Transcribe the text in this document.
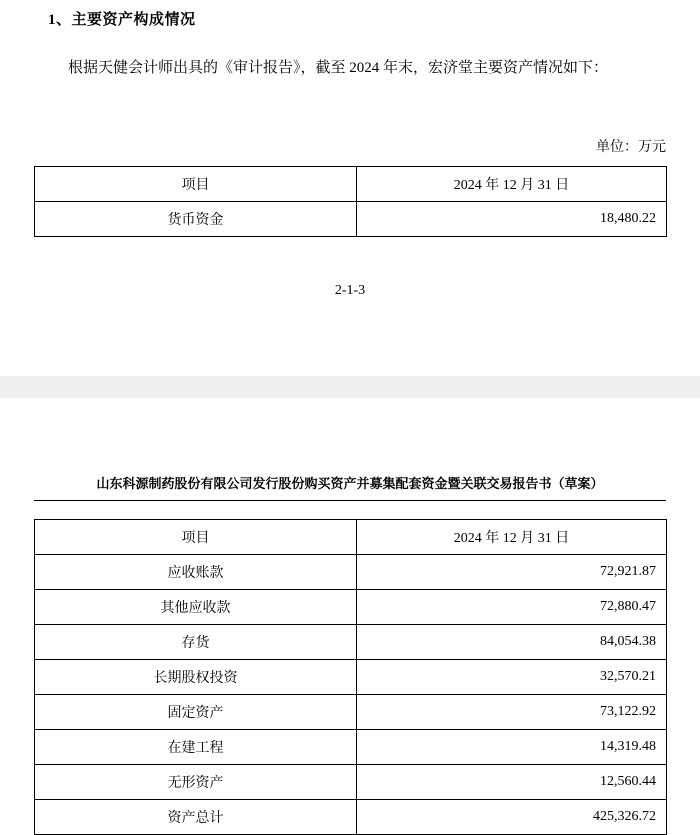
1、主要资产构成情况
根据天健会计师出具的《审计报告》，截至 2024 年末，宏济堂主要资产情况如下：
单位：万元
项目	2024 年 12 月 31 日
货币资金	18,480.22
2-1-3
山东科源制药股份有限公司发行股份购买资产并募集配套资金暨关联交易报告书（草案）
项目	2024 年 12 月 31 日
应收账款	72,921.87
其他应收款	72,880.47
存货	84,054.38
长期股权投资	32,570.21
固定资产	73,122.92
在建工程	14,319.48
无形资产	12,560.44
资产总计	425,326.72
